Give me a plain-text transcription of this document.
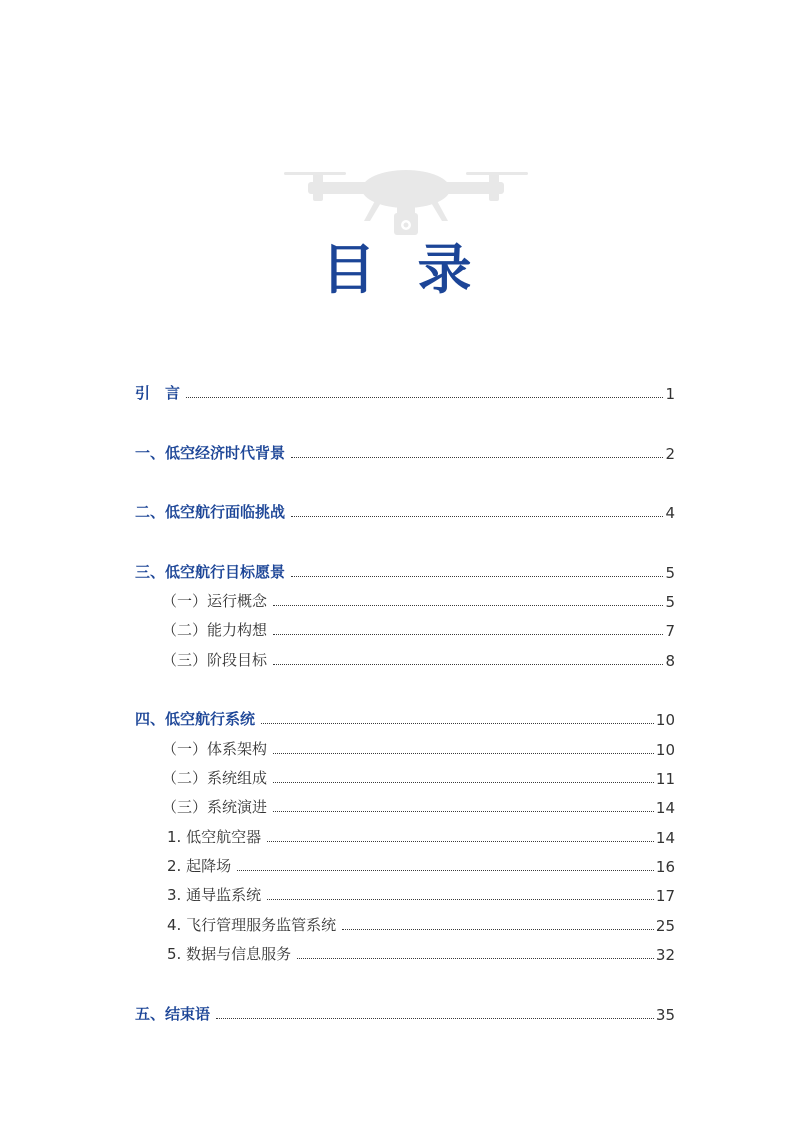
目录
引　言	1
一、低空经济时代背景	2
二、低空航行面临挑战	4
三、低空航行目标愿景	5
（一）运行概念	5
（二）能力构想	7
（三）阶段目标	8
四、低空航行系统	10
（一）体系架构	10
（二）系统组成	11
（三）系统演进	14
1. 低空航空器	14
2. 起降场	16
3. 通导监系统	17
4. 飞行管理服务监管系统	25
5. 数据与信息服务	32
五、结束语	35
